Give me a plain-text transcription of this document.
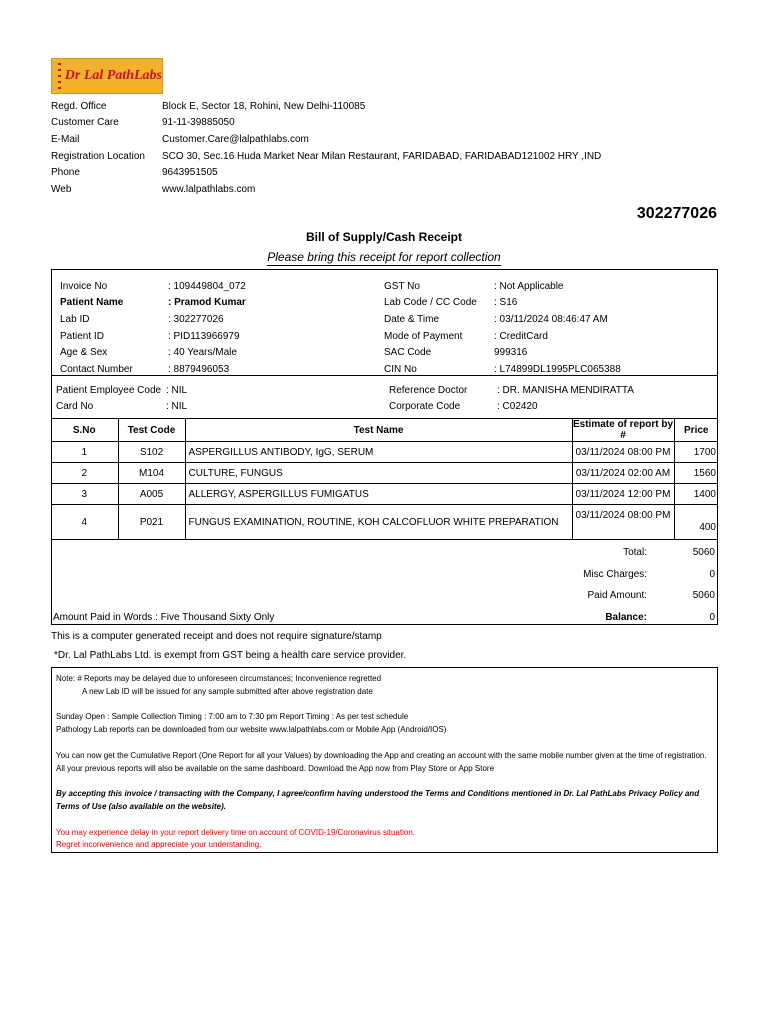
Dr Lal PathLabs
Regd. Office	Block E, Sector 18, Rohini, New Delhi-110085
Customer Care	91-11-39885050
E-Mail	Customer.Care@lalpathlabs.com
Registration Location	SCO 30, Sec.16 Huda Market Near Milan Restaurant, FARIDABAD, FARIDABAD121002 HRY ,IND
Phone	9643951505
Web	www.lalpathlabs.com
302277026
Bill of Supply/Cash Receipt
Please bring this receipt for report collection
Invoice No	: 109449804_072
Patient Name	: Pramod Kumar
Lab ID	: 302277026
Patient ID	: PID113966979
Age & Sex	: 40 Years/Male
Contact Number	: 8879496053
GST No	: Not Applicable
Lab Code / CC Code	: S16
Date & Time	: 03/11/2024 08:46:47 AM
Mode of Payment	: CreditCard
SAC Code	999316
CIN No	: L74899DL1995PLC065388
Patient Employee Code : NIL
Card No	: NIL
Reference Doctor	: DR. MANISHA MENDIRATTA
Corporate Code	: C02420
S.No	Test Code	Test Name	Estimate of report by #	Price
1	S102	ASPERGILLUS ANTIBODY, IgG, SERUM	03/11/2024 08:00 PM	1700
2	M104	CULTURE, FUNGUS	03/11/2024 02:00 AM	1560
3	A005	ALLERGY, ASPERGILLUS FUMIGATUS	03/11/2024 12:00 PM	1400
4	P021	FUNGUS EXAMINATION, ROUTINE, KOH CALCOFLUOR WHITE PREPARATION	03/11/2024 08:00 PM	400
Total:	5060
Misc Charges:	0
Paid Amount:	5060
Balance:	0
Amount Paid in Words : Five Thousand Sixty Only
This is a computer generated receipt and does not require signature/stamp
*Dr. Lal PathLabs Ltd. is exempt from GST being a health care service provider.

Note: # Reports may be delayed due to unforeseen circumstances; Inconvenience regretted

A new Lab ID will be issued for any sample submitted after above registration date

Sunday Open : Sample Collection Timing : 7:00 am to 7:30 pm Report Timing : As per test schedule

Pathology Lab reports can be downloaded from our website www.lalpathlabs.com or Mobile App (Android/IOS)

You can now get the Cumulative Report (One Report for all your Values) by downloading the App and creating an account with the same mobile number given at the time of registration. All your previous reports will also be available on the same dashboard. Download the App now from Play Store or App Store

By accepting this invoice / transacting with the Company, I agree/confirm having understood the Terms and Conditions mentioned in Dr. Lal PathLabs Privacy Policy and Terms of Use (also available on the website).

You may experience delay in your report delivery time on account of COVID-19/Coronavirus situation.

Regret inconvenience and appreciate your understanding.
